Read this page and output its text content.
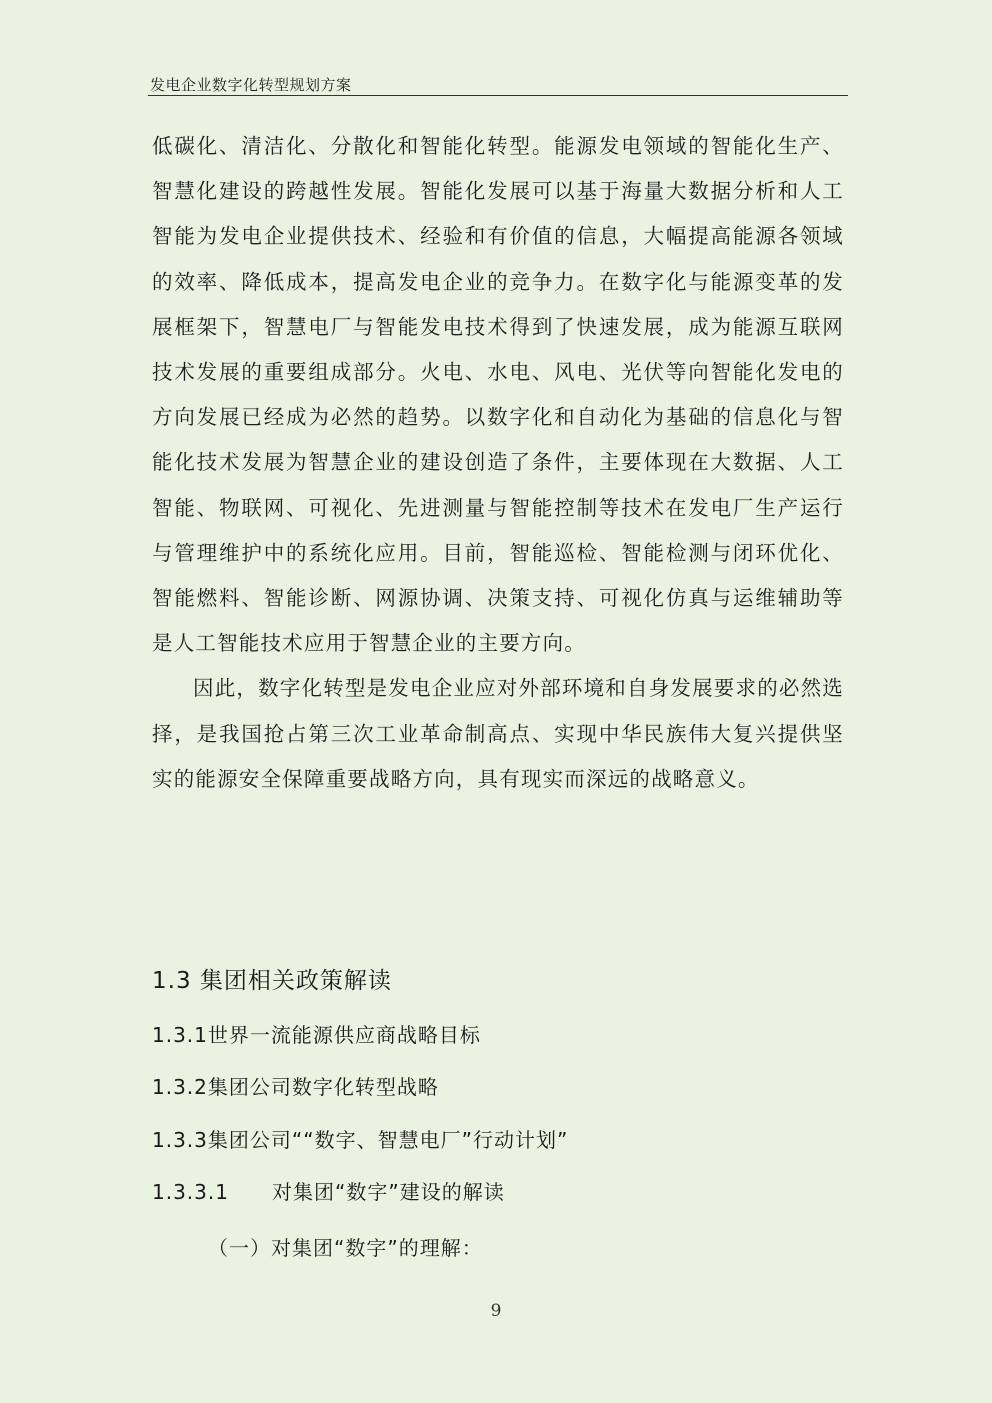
发电企业数字化转型规划方案

低碳化、清洁化、分散化和智能化转型。能源发电领域的智能化生产、智慧化建设的跨越性发展。智能化发展可以基于海量大数据分析和人工智能为发电企业提供技术、经验和有价值的信息，大幅提高能源各领域的效率、降低成本，提高发电企业的竞争力。在数字化与能源变革的发展框架下，智慧电厂与智能发电技术得到了快速发展，成为能源互联网技术发展的重要组成部分。火电、水电、风电、光伏等向智能化发电的方向发展已经成为必然的趋势。以数字化和自动化为基础的信息化与智能化技术发展为智慧企业的建设创造了条件，主要体现在大数据、人工智能、物联网、可视化、先进测量与智能控制等技术在发电厂生产运行与管理维护中的系统化应用。目前，智能巡检、智能检测与闭环优化、智能燃料、智能诊断、网源协调、决策支持、可视化仿真与运维辅助等是人工智能技术应用于智慧企业的主要方向。

因此，数字化转型是发电企业应对外部环境和自身发展要求的必然选择，是我国抢占第三次工业革命制高点、实现中华民族伟大复兴提供坚实的能源安全保障重要战略方向，具有现实而深远的战略意义。

1.3 集团相关政策解读
1.3.1世界一流能源供应商战略目标
1.3.2集团公司数字化转型战略
1.3.3集团公司““数字、智慧电厂”行动计划”
1.3.3.1 对集团“数字”建设的解读
（一）对集团“数字”的理解：
9
